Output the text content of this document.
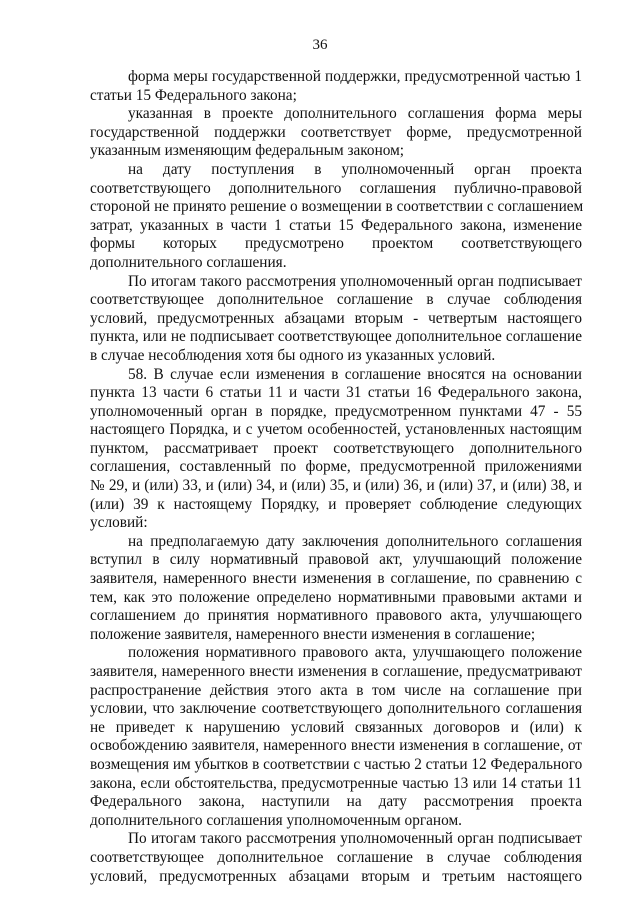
36
форма меры государственной поддержки, предусмотренной частью 1
статьи 15 Федерального закона;
указанная в проекте дополнительного соглашения форма меры
государственной поддержки соответствует форме, предусмотренной
указанным изменяющим федеральным законом;
на дату поступления в уполномоченный орган проекта
соответствующего дополнительного соглашения публично-правовой
стороной не принято решение о возмещении в соответствии с соглашением
затрат, указанных в части 1 статьи 15 Федерального закона, изменение
формы которых предусмотрено проектом соответствующего
дополнительного соглашения.
По итогам такого рассмотрения уполномоченный орган подписывает
соответствующее дополнительное соглашение в случае соблюдения
условий, предусмотренных абзацами вторым - четвертым настоящего
пункта, или не подписывает соответствующее дополнительное соглашение
в случае несоблюдения хотя бы одного из указанных условий.
58. В случае если изменения в соглашение вносятся на основании
пункта 13 части 6 статьи 11 и части 31 статьи 16 Федерального закона,
уполномоченный орган в порядке, предусмотренном пунктами 47 - 55
настоящего Порядка, и с учетом особенностей, установленных настоящим
пунктом, рассматривает проект соответствующего дополнительного
соглашения, составленный по форме, предусмотренной приложениями
№ 29, и (или) 33, и (или) 34, и (или) 35, и (или) 36, и (или) 37, и (или) 38, и
(или) 39 к настоящему Порядку, и проверяет соблюдение следующих
условий:
на предполагаемую дату заключения дополнительного соглашения
вступил в силу нормативный правовой акт, улучшающий положение
заявителя, намеренного внести изменения в соглашение, по сравнению с
тем, как это положение определено нормативными правовыми актами и
соглашением до принятия нормативного правового акта, улучшающего
положение заявителя, намеренного внести изменения в соглашение;
положения нормативного правового акта, улучшающего положение
заявителя, намеренного внести изменения в соглашение, предусматривают
распространение действия этого акта в том числе на соглашение при
условии, что заключение соответствующего дополнительного соглашения
не приведет к нарушению условий связанных договоров и (или) к
освобождению заявителя, намеренного внести изменения в соглашение, от
возмещения им убытков в соответствии с частью 2 статьи 12 Федерального
закона, если обстоятельства, предусмотренные частью 13 или 14 статьи 11
Федерального закона, наступили на дату рассмотрения проекта
дополнительного соглашения уполномоченным органом.
По итогам такого рассмотрения уполномоченный орган подписывает
соответствующее дополнительное соглашение в случае соблюдения
условий, предусмотренных абзацами вторым и третьим настоящего
